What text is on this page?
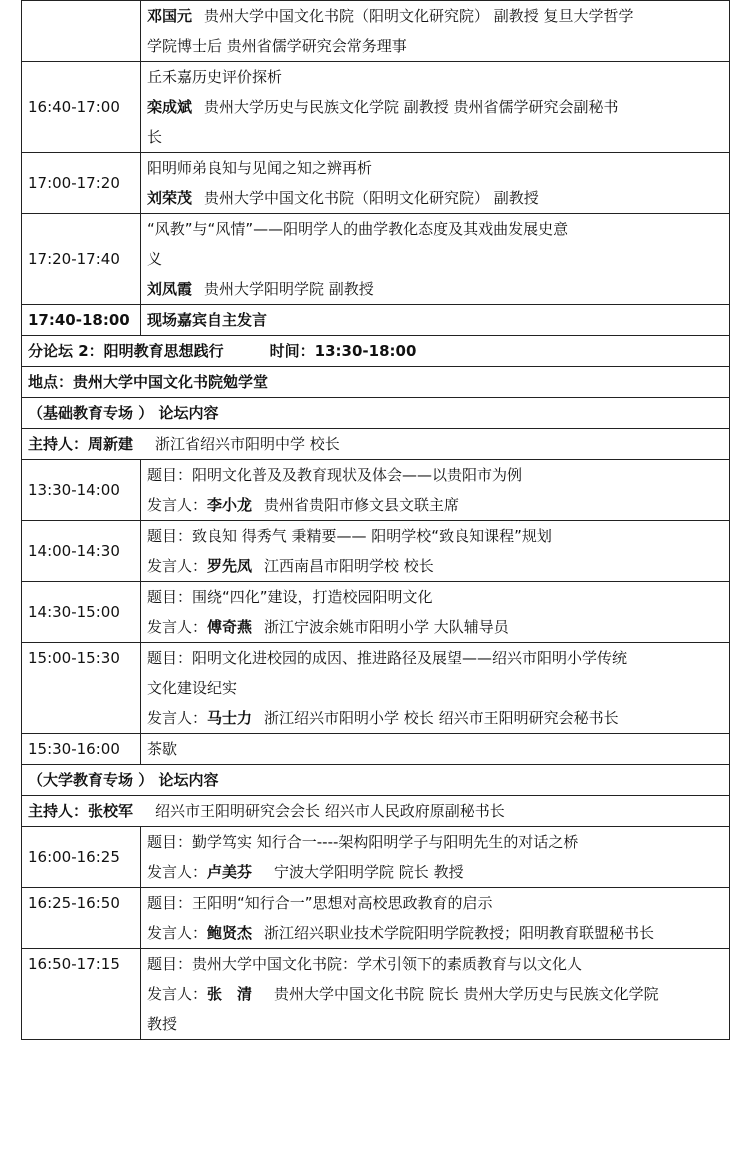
	邓国元 贵州大学中国文化书院（阳明文化研究院） 副教授 复旦大学哲学
学院博士后 贵州省儒学研究会常务理事

16:40-17:00	丘禾嘉历史评价探析
栾成斌 贵州大学历史与民族文化学院 副教授 贵州省儒学研究会副秘书
长

17:00-17:20	阳明师弟良知与见闻之知之辨再析
刘荣茂 贵州大学中国文化书院（阳明文化研究院） 副教授

17:20-17:40	“风教”与“风情”——阳明学人的曲学教化态度及其戏曲发展史意
义
刘凤霞 贵州大学阳明学院 副教授

17:40-18:00	现场嘉宾自主发言
分论坛 2：阳明教育思想践行 时间：13:30-18:00	
地点：贵州大学中国文化书院勉学堂	
（基础教育专场 ） 论坛内容	
主持人：周新建 浙江省绍兴市阳明中学 校长	
13:30-14:00	题目：阳明文化普及及教育现状及体会——以贵阳市为例
发言人：李小龙 贵州省贵阳市修文县文联主席

14:00-14:30	题目：致良知 得秀气 秉精要—— 阳明学校“致良知课程”规划
发言人：罗先凤 江西南昌市阳明学校 校长

14:30-15:00	题目：围绕“四化”建设，打造校园阳明文化
发言人：傅奇燕 浙江宁波余姚市阳明小学 大队辅导员

15:00-15:30	题目：阳明文化进校园的成因、推进路径及展望——绍兴市阳明小学传统
文化建设纪实
发言人：马士力 浙江绍兴市阳明小学 校长 绍兴市王阳明研究会秘书长

15:30-16:00	茶歇
（大学教育专场 ） 论坛内容	
主持人：张校军 绍兴市王阳明研究会会长 绍兴市人民政府原副秘书长	
16:00-16:25	题目：勤学笃实 知行合一----架构阳明学子与阳明先生的对话之桥
发言人：卢美芬 宁波大学阳明学院 院长 教授

16:25-16:50	题目：王阳明“知行合一”思想对高校思政教育的启示
发言人：鲍贤杰 浙江绍兴职业技术学院阳明学院教授；阳明教育联盟秘书长

16:50-17:15	题目：贵州大学中国文化书院：学术引领下的素质教育与以文化人
发言人：张　清 贵州大学中国文化书院 院长 贵州大学历史与民族文化学院
教授
